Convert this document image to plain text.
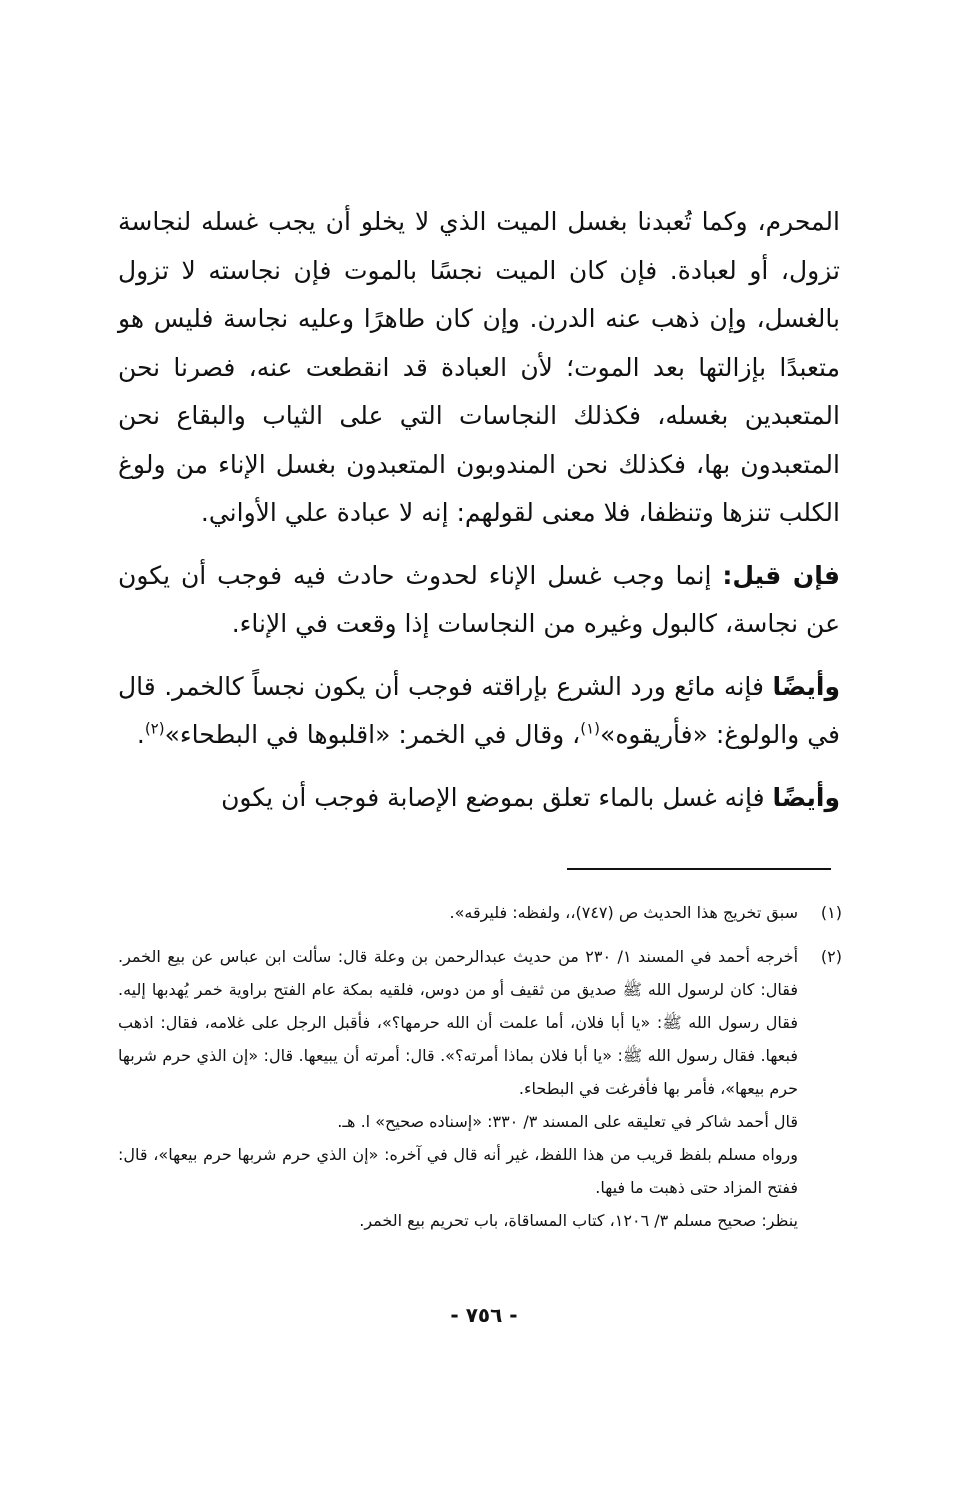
المحرم، وكما تُعبدنا بغسل الميت الذي لا يخلو أن يجب غسله لنجاسة تزول، أو لعبادة. فإن كان الميت نجسًا بالموت فإن نجاسته لا تزول بالغسل، وإن ذهب عنه الدرن. وإن كان طاهرًا وعليه نجاسة فليس هو متعبدًا بإزالتها بعد الموت؛ لأن العبادة قد انقطعت عنه، فصرنا نحن المتعبدين بغسله، فكذلك النجاسات التي على الثياب والبقاع نحن المتعبدون بها، فكذلك نحن المندوبون المتعبدون بغسل الإناء من ولوغ الكلب تنزها وتنظفا، فلا معنى لقولهم: إنه لا عبادة علي الأواني.

فإن قيل: إنما وجب غسل الإناء لحدوث حادث فيه فوجب أن يكون عن نجاسة، كالبول وغيره من النجاسات إذا وقعت في الإناء.

وأيضًا فإنه مائع ورد الشرع بإراقته فوجب أن يكون نجساً كالخمر. قال في والولوغ: «فأريقوه»$^{(١)}$، وقال في الخمر: «اقلبوها في البطحاء»$^{(٢)}$.

وأيضًا فإنه غسل بالماء تعلق بموضع الإصابة فوجب أن يكون

(١)
سبق تخريج هذا الحديث ص (٧٤٧)،، ولفظه: فليرقه».
(٢)
أخرجه أحمد في المسند ١/ ٢٣٠ من حديث عبدالرحمن بن وعلة قال: سألت ابن عباس عن بيع الخمر. فقال: كان لرسول الله ﷺ صديق من ثقيف أو من دوس، فلقيه بمكة عام الفتح براوية خمر يُهدبها إليه. فقال رسول الله ﷺ: «يا أبا فلان، أما علمت أن الله حرمها؟»، فأقبل الرجل على غلامه، فقال: اذهب فبعها. فقال رسول الله ﷺ: «يا أبا فلان بماذا أمرته؟». قال: أمرته أن يبيعها. قال: «إن الذي حرم شربها حرم بيعها»، فأمر بها فأفرغت في البطحاء.
قال أحمد شاكر في تعليقه على المسند ٣/ ٣٣٠: «إسناده صحيح» ا. هـ.
ورواه مسلم بلفظ قريب من هذا اللفظ، غير أنه قال في آخره: «إن الذي حرم شربها حرم بيعها»، قال: ففتح المزاد حتى ذهبت ما فيها.
ينظر: صحيح مسلم ٣/ ١٢٠٦، كتاب المساقاة، باب تحريم بيع الخمر.
- ٧٥٦ -
